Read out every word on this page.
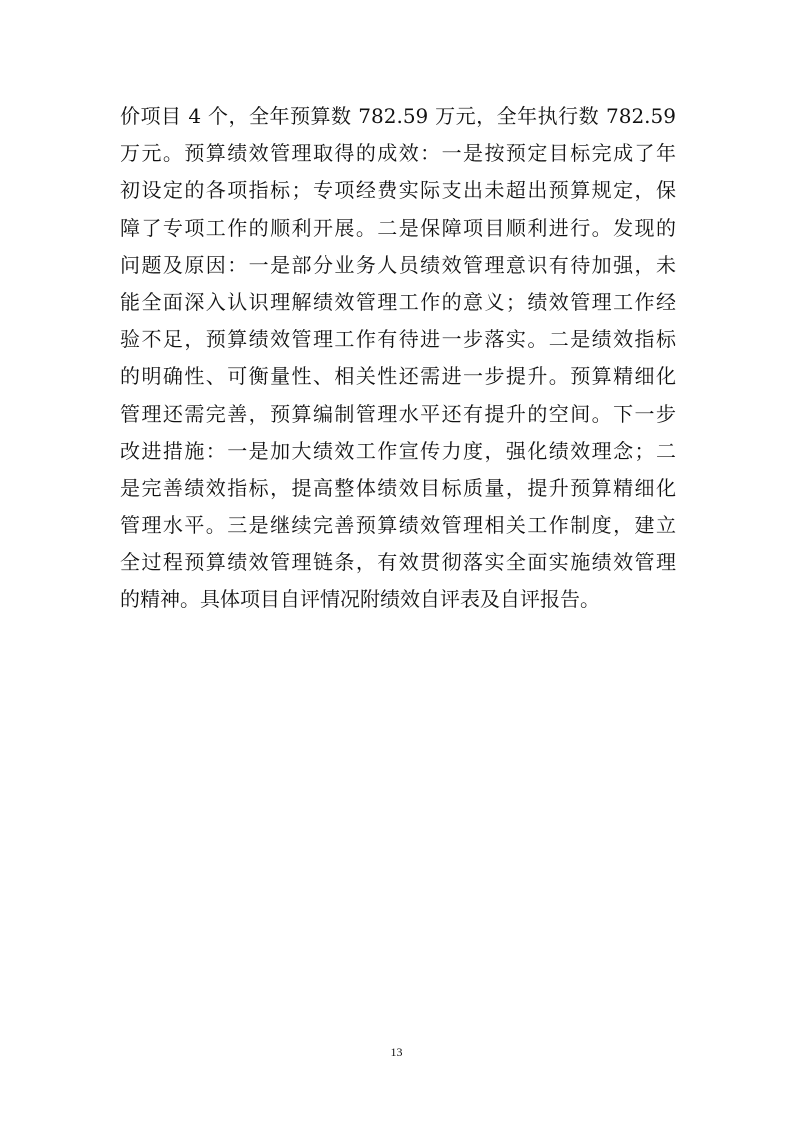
价项目 4 个，全年预算数 782.59 万元，全年执行数 782.59
万元。预算绩效管理取得的成效：一是按预定目标完成了年
初设定的各项指标；专项经费实际支出未超出预算规定，保
障了专项工作的顺利开展。二是保障项目顺利进行。发现的
问题及原因：一是部分业务人员绩效管理意识有待加强，未
能全面深入认识理解绩效管理工作的意义；绩效管理工作经
验不足，预算绩效管理工作有待进一步落实。二是绩效指标
的明确性、可衡量性、相关性还需进一步提升。预算精细化
管理还需完善，预算编制管理水平还有提升的空间。下一步
改进措施：一是加大绩效工作宣传力度，强化绩效理念；二
是完善绩效指标，提高整体绩效目标质量，提升预算精细化
管理水平。三是继续完善预算绩效管理相关工作制度，建立
全过程预算绩效管理链条，有效贯彻落实全面实施绩效管理
的精神。具体项目自评情况附绩效自评表及自评报告。
13
